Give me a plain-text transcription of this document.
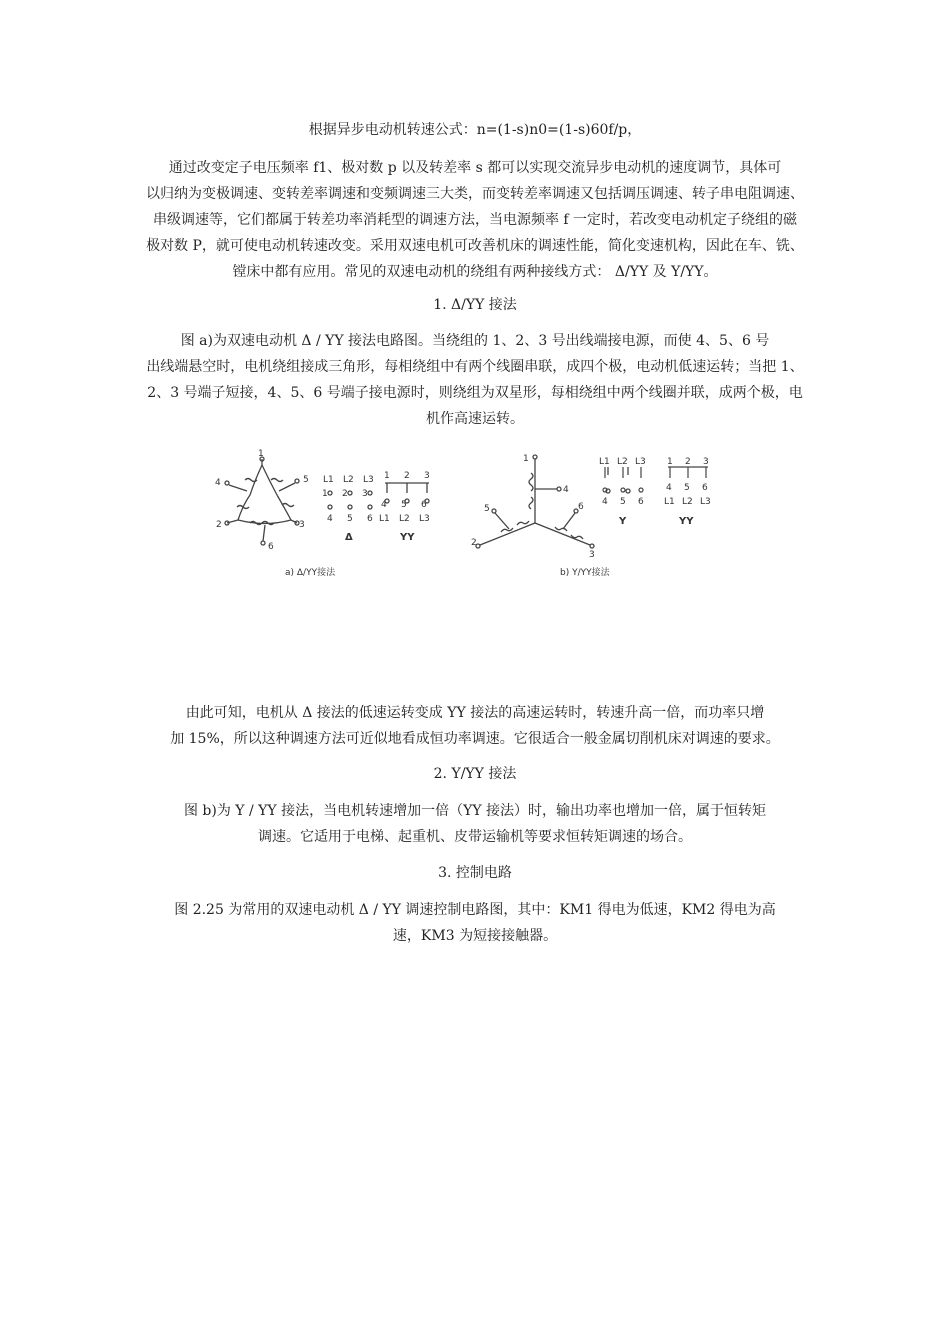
根据异步电动机转速公式：n=(1-s)n0=(1-s)60f/p，
通过改变定子电压频率 f1、极对数 p 以及转差率 s 都可以实现交流异步电动机的速度调节，具体可
以归纳为变极调速、变转差率调速和变频调速三大类，而变转差率调速又包括调压调速、转子串电阻调速、
串级调速等，它们都属于转差功率消耗型的调速方法，当电源频率 f 一定时，若改变电动机定子绕组的磁
极对数 P，就可使电动机转速改变。采用双速电机可改善机床的调速性能，简化变速机构，因此在车、铣、
镗床中都有应用。常见的双速电动机的绕组有两种接线方式： Δ/YY 及 Y/YY。
1. Δ/YY 接法
图 a)为双速电动机 Δ / YY 接法电路图。当绕组的 1、2、3 号出线端接电源，而使 4、5、6 号
出线端悬空时，电机绕组接成三角形，每相绕组中有两个线圈串联，成四个极，电动机低速运转；当把 1、
2、3 号端子短接，4、5、6 号端子接电源时，则绕组为双星形，每相绕组中两个线圈并联，成两个极，电
机作高速运转。
1
4	5
2	3
6
L1 L2 L3
1 2 3
4 5 6
Δ
1 2 3
4 5 6
L1 L2 L3
YY
1
4
5	6
2
3
a) Δ/YY接法	b) Y/YY接法
L1 L2 L3
4 5 6
Y
1 2 3
4 5 6
L1 L2 L3
YY
由此可知，电机从 Δ 接法的低速运转变成 YY 接法的高速运转时，转速升高一倍，而功率只增
加 15%，所以这种调速方法可近似地看成恒功率调速。它很适合一般金属切削机床对调速的要求。
2. Y/YY 接法
图 b)为 Y / YY 接法，当电机转速增加一倍（YY 接法）时，输出功率也增加一倍，属于恒转矩
调速。它适用于电梯、起重机、皮带运输机等要求恒转矩调速的场合。
3. 控制电路
图 2.25 为常用的双速电动机 Δ / YY 调速控制电路图，其中：KM1 得电为低速，KM2 得电为高
速，KM3 为短接接触器。
